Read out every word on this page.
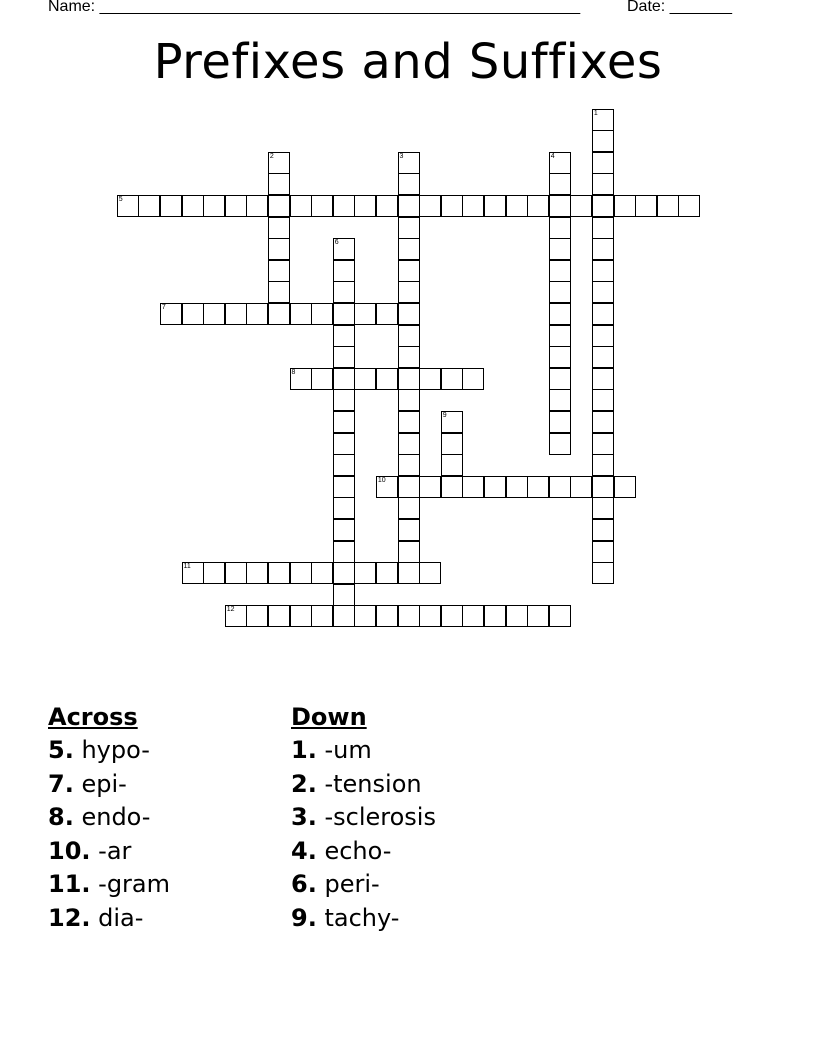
Name: ______________________________________________________	Date: _______
Prefixes and Suffixes
5
7
8
10
11
12
1
2	3	4
6
9
Across
5. hypo-
7. epi-
8. endo-
10. -ar
11. -gram
12. dia-
Down
1. -um
2. -tension
3. -sclerosis
4. echo-
6. peri-
9. tachy-
